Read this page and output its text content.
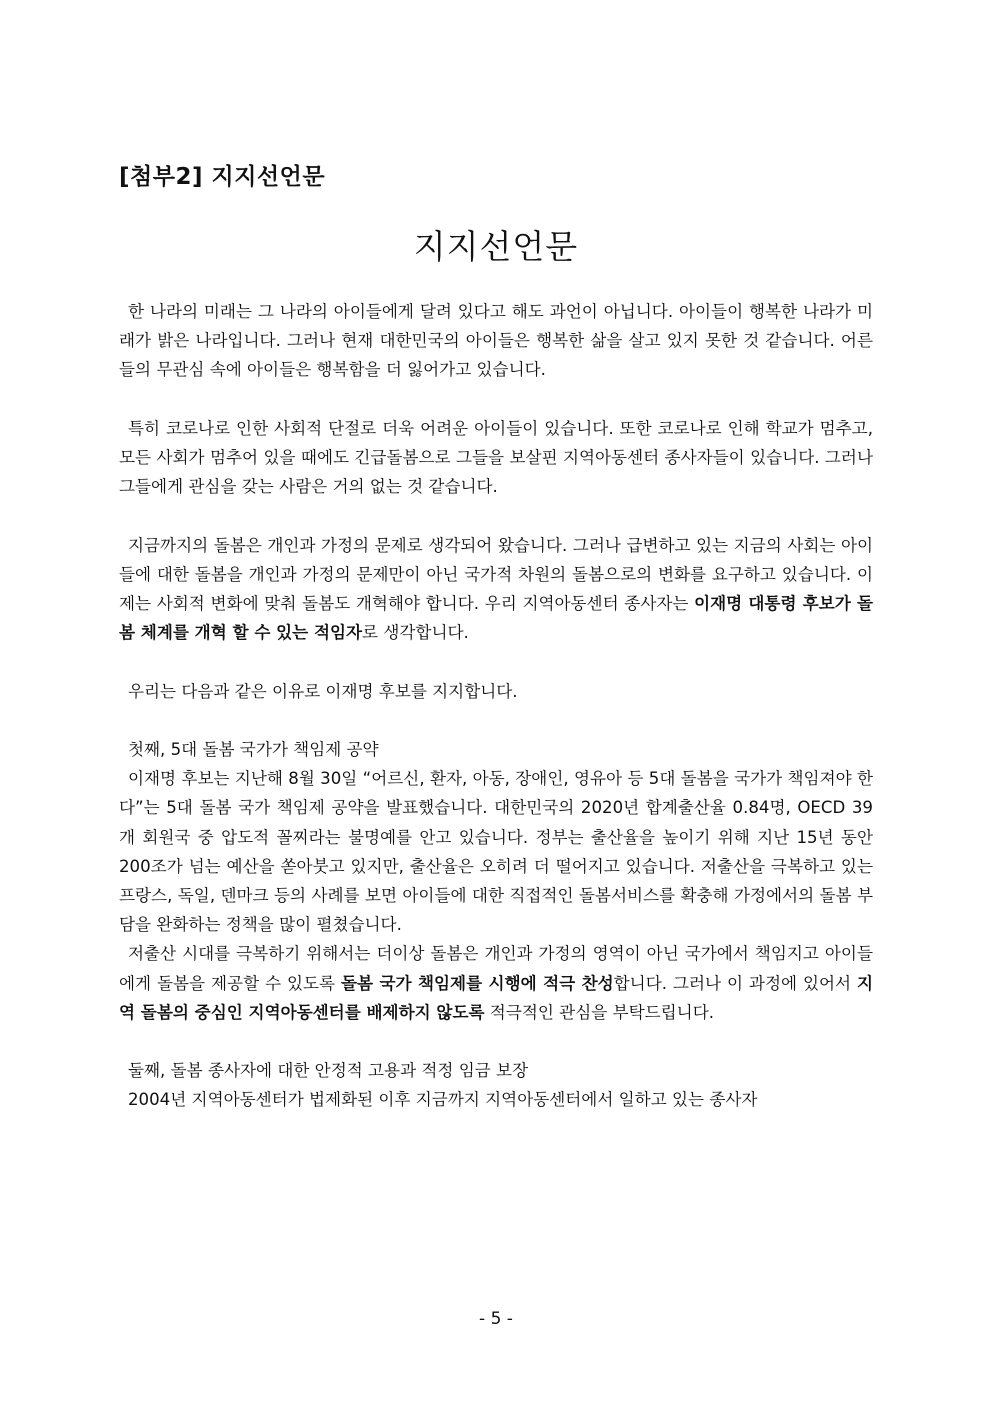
[첨부2] 지지선언문
지지선언문

한 나라의 미래는 그 나라의 아이들에게 달려 있다고 해도 과언이 아닙니다. 아이들이 행복한 나라가 미래가 밝은 나라입니다. 그러나 현재 대한민국의 아이들은 행복한 삶을 살고 있지 못한 것 같습니다. 어른들의 무관심 속에 아이들은 행복함을 더 잃어가고 있습니다.

특히 코로나로 인한 사회적 단절로 더욱 어려운 아이들이 있습니다. 또한 코로나로 인해 학교가 멈추고, 모든 사회가 멈추어 있을 때에도 긴급돌봄으로 그들을 보살핀 지역아동센터 종사자들이 있습니다. 그러나 그들에게 관심을 갖는 사람은 거의 없는 것 같습니다.

지금까지의 돌봄은 개인과 가정의 문제로 생각되어 왔습니다. 그러나 급변하고 있는 지금의 사회는 아이들에 대한 돌봄을 개인과 가정의 문제만이 아닌 국가적 차원의 돌봄으로의 변화를 요구하고 있습니다. 이제는 사회적 변화에 맞춰 돌봄도 개혁해야 합니다. 우리 지역아동센터 종사자는 이재명 대통령 후보가 돌봄 체계를 개혁 할 수 있는 적임자로 생각합니다.

우리는 다음과 같은 이유로 이재명 후보를 지지합니다.

첫째, 5대 돌봄 국가가 책임제 공약

이재명 후보는 지난해 8월 30일 “어르신, 환자, 아동, 장애인, 영유아 등 5대 돌봄을 국가가 책임져야 한다”는 5대 돌봄 국가 책임제 공약을 발표했습니다. 대한민국의 2020년 합계출산율 0.84명, OECD 39개 회원국 중 압도적 꼴찌라는 불명예를 안고 있습니다. 정부는 출산율을 높이기 위해 지난 15년 동안 200조가 넘는 예산을 쏟아붓고 있지만, 출산율은 오히려 더 떨어지고 있습니다. 저출산을 극복하고 있는 프랑스, 독일, 덴마크 등의 사례를 보면 아이들에 대한 직접적인 돌봄서비스를 확충해 가정에서의 돌봄 부담을 완화하는 정책을 많이 펼쳤습니다.

저출산 시대를 극복하기 위해서는 더이상 돌봄은 개인과 가정의 영역이 아닌 국가에서 책임지고 아이들에게 돌봄을 제공할 수 있도록 돌봄 국가 책임제를 시행에 적극 찬성합니다. 그러나 이 과정에 있어서 지역 돌봄의 중심인 지역아동센터를 배제하지 않도록 적극적인 관심을 부탁드립니다.

둘째, 돌봄 종사자에 대한 안정적 고용과 적정 임금 보장

2004년 지역아동센터가 법제화된 이후 지금까지 지역아동센터에서 일하고 있는 종사자

- 5 -
